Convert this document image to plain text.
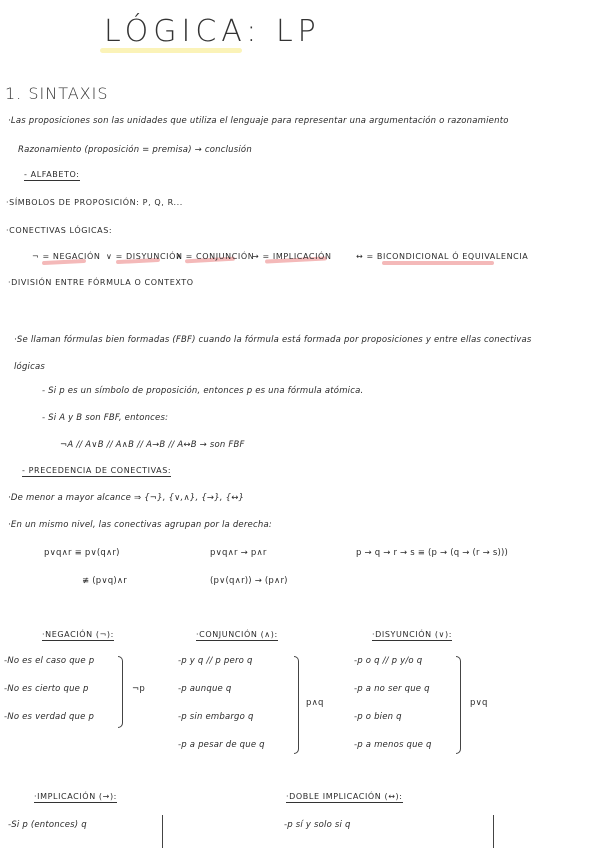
LÓGICA: LP
1. SINTAXIS
·Las proposiciones son las unidades que utiliza el lenguaje para representar una argumentación o razonamiento
Razonamiento (proposición = premisa) → conclusión
- ALFABETO:
·SÍMBOLOS DE PROPOSICIÓN: P, Q, R...
·CONECTIVAS LÓGICAS:
¬ = NEGACIÓN ∨ = DISYUNCIÓN
∧ = CONJUNCIÓN
→ = IMPLICACIÓN	↔ = BICONDICIONAL Ó EQUIVALENCIA
·DIVISIÓN ENTRE FÓRMULA O CONTEXTO
·Se llaman fórmulas bien formadas (FBF) cuando la fórmula está formada por proposiciones y entre ellas conectivas
lógicas
- Si p es un símbolo de proposición, entonces p es una fórmula atómica.
- Si A y B son FBF, entonces:
¬A // A∨B // A∧B // A→B // A↔B → son FBF
- PRECEDENCIA DE CONECTIVAS:
·De menor a mayor alcance ⇒ {¬}, {∨,∧}, {→}, {↔}
·En un mismo nivel, las conectivas agrupan por la derecha:
p∨q∧r ≡ p∨(q∧r)
≢ (p∨q)∧r
p∨q∧r → p∧r
(p∨(q∧r)) → (p∧r)
p → q → r → s ≡ (p → (q → (r → s)))
·NEGACIÓN (¬):
-No es el caso que p
-No es cierto que p
-No es verdad que p
¬p
·CONJUNCIÓN (∧):
-p y q // p pero q
-p aunque q
-p sin embargo q
-p a pesar de que q
p∧q
·DISYUNCIÓN (∨):
-p o q // p y/o q
-p a no ser que q
-p o bien q
-p a menos que q
p∨q
·IMPLICACIÓN (→):
-Si p (entonces) q
·DOBLE IMPLICACIÓN (↔):
-p sí y solo si q
